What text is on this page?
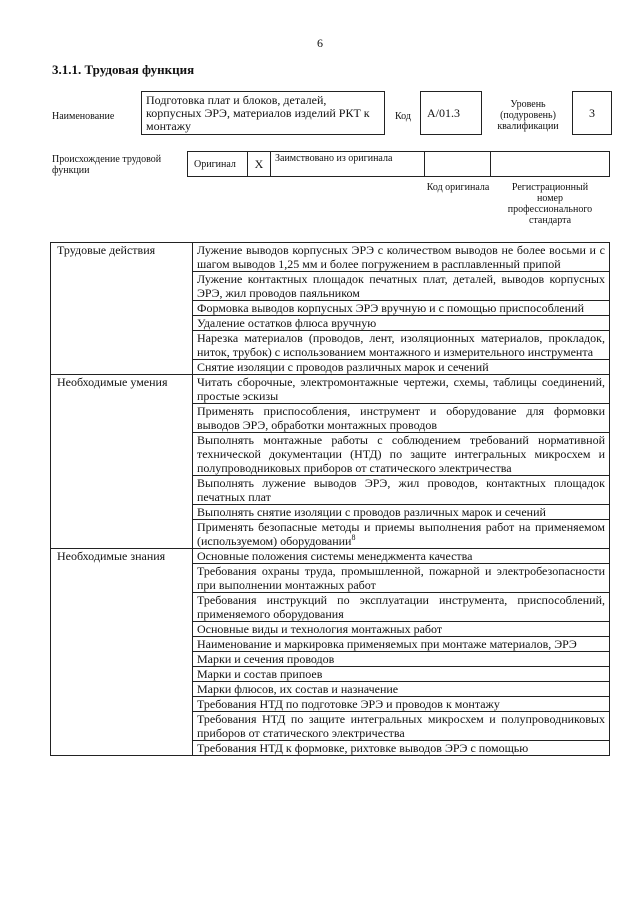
6
3.1.1. Трудовая функция
Наименование
Подготовка плат и блоков, деталей, корпусных ЭРЭ, материалов изделий РКТ к монтажу
Код	А/01.3
Уровень (подуровень) квалификации
3
Происхождение трудовой функции
Оригинал	X	Заимствовано из оригинала
Код оригинала	Регистрационный номер профессионального стандарта
Трудовые действия	Лужение выводов корпусных ЭРЭ с количеством выводов не более восьми и с шагом выводов 1,25 мм и более погружением в расплавленный припой
	Лужение контактных площадок печатных плат, деталей, выводов корпусных ЭРЭ, жил проводов паяльником
	Формовка выводов корпусных ЭРЭ вручную и с помощью приспособлений
	Удаление остатков флюса вручную
	Нарезка материалов (проводов, лент, изоляционных материалов, прокладок, ниток, трубок) с использованием монтажного и измерительного инструмента
	Снятие изоляции с проводов различных марок и сечений
Необходимые умения	Читать сборочные, электромонтажные чертежи, схемы, таблицы соединений, простые эскизы
	Применять приспособления, инструмент и оборудование для формовки выводов ЭРЭ, обработки монтажных проводов
	Выполнять монтажные работы с соблюдением требований нормативной технической документации (НТД) по защите интегральных микросхем и полупроводниковых приборов от статического электричества
	Выполнять лужение выводов ЭРЭ, жил проводов, контактных площадок печатных плат
	Выполнять снятие изоляции с проводов различных марок и сечений
	Применять безопасные методы и приемы выполнения работ на применяемом (используемом) оборудовании$^8$
Необходимые знания	Основные положения системы менеджмента качества
	Требования охраны труда, промышленной, пожарной и электробезопасности при выполнении монтажных работ
	Требования инструкций по эксплуатации инструмента, приспособлений, применяемого оборудования
	Основные виды и технология монтажных работ
	Наименование и маркировка применяемых при монтаже материалов, ЭРЭ
	Марки и сечения проводов
	Марки и состав припоев
	Марки флюсов, их состав и назначение
	Требования НТД по подготовке ЭРЭ и проводов к монтажу
	Требования НТД по защите интегральных микросхем и полупроводниковых приборов от статического электричества
	Требования НТД к формовке, рихтовке выводов ЭРЭ с помощью
